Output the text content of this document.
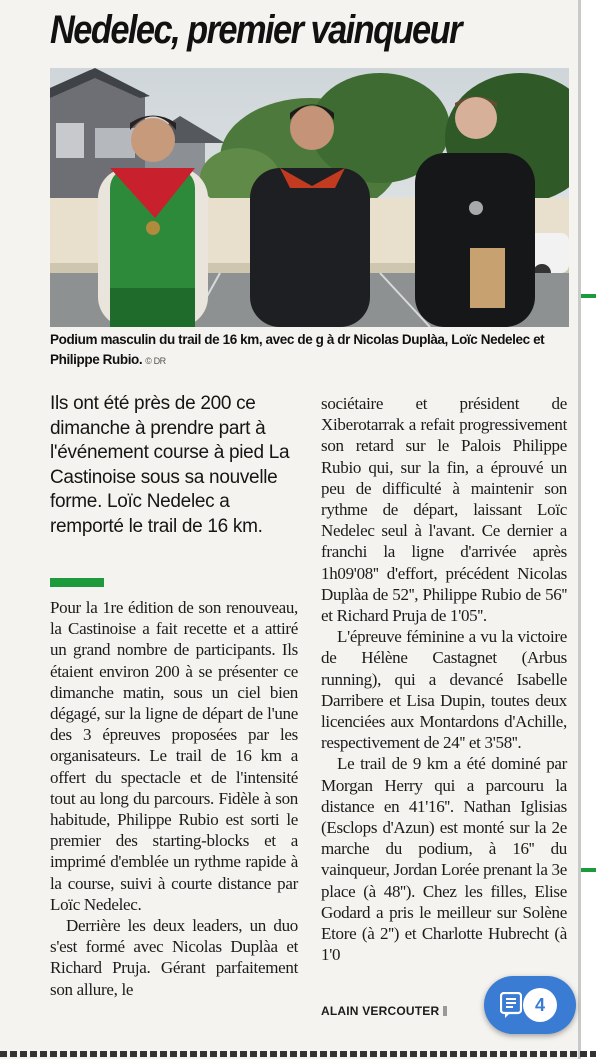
Nedelec, premier vainqueur

Podium masculin du trail de 16 km, avec de g à dr Nicolas Duplàa, Loïc Nedelec et Philippe Rubio. © DR

Ils ont été près de 200 ce dimanche à prendre part à l'événement course à pied La Castinoise sous sa nouvelle forme. Loïc Nedelec a remporté le trail de 16 km.

Pour la 1re édition de son renouveau, la Castinoise a fait recette et a attiré un grand nombre de participants. Ils étaient environ 200 à se présenter ce dimanche matin, sous un ciel bien dégagé, sur la ligne de départ de l'une des 3 épreuves proposées par les organisateurs. Le trail de 16 km a offert du spectacle et de l'intensité tout au long du parcours. Fidèle à son habitude, Philippe Rubio est sorti le premier des starting-blocks et a imprimé d'emblée un rythme rapide à la course, suivi à courte distance par Loïc Nedelec.

Derrière les deux leaders, un duo s'est formé avec Nicolas Duplàa et Richard Pruja. Gérant parfaitement son allure, le

sociétaire et président de Xiberotarrak a refait progressivement son retard sur le Palois Philippe Rubio qui, sur la fin, a éprouvé un peu de difficulté à maintenir son rythme de départ, laissant Loïc Nedelec seul à l'avant. Ce dernier a franchi la ligne d'arrivée après 1h09'08'' d'effort, précédent Nicolas Duplàa de 52'', Philippe Rubio de 56'' et Richard Pruja de 1'05''.

L'épreuve féminine a vu la victoire de Hélène Castagnet (Arbus running), qui a devancé Isabelle Darribere et Lisa Dupin, toutes deux licenciées aux Montardons d'Achille, respectivement de 24'' et 3'58''.

Le trail de 9 km a été dominé par Morgan Herry qui a parcouru la distance en 41'16''. Nathan Iglisias (Esclops d'Azun) est monté sur la 2e marche du podium, à 16'' du vainqueur, Jordan Lorée prenant la 3e place (à 48''). Chez les filles, Elise Godard a pris le meilleur sur Solène Etore (à 2'') et Charlotte Hubrecht (à 1'0

ALAIN VERCOUTER	4
